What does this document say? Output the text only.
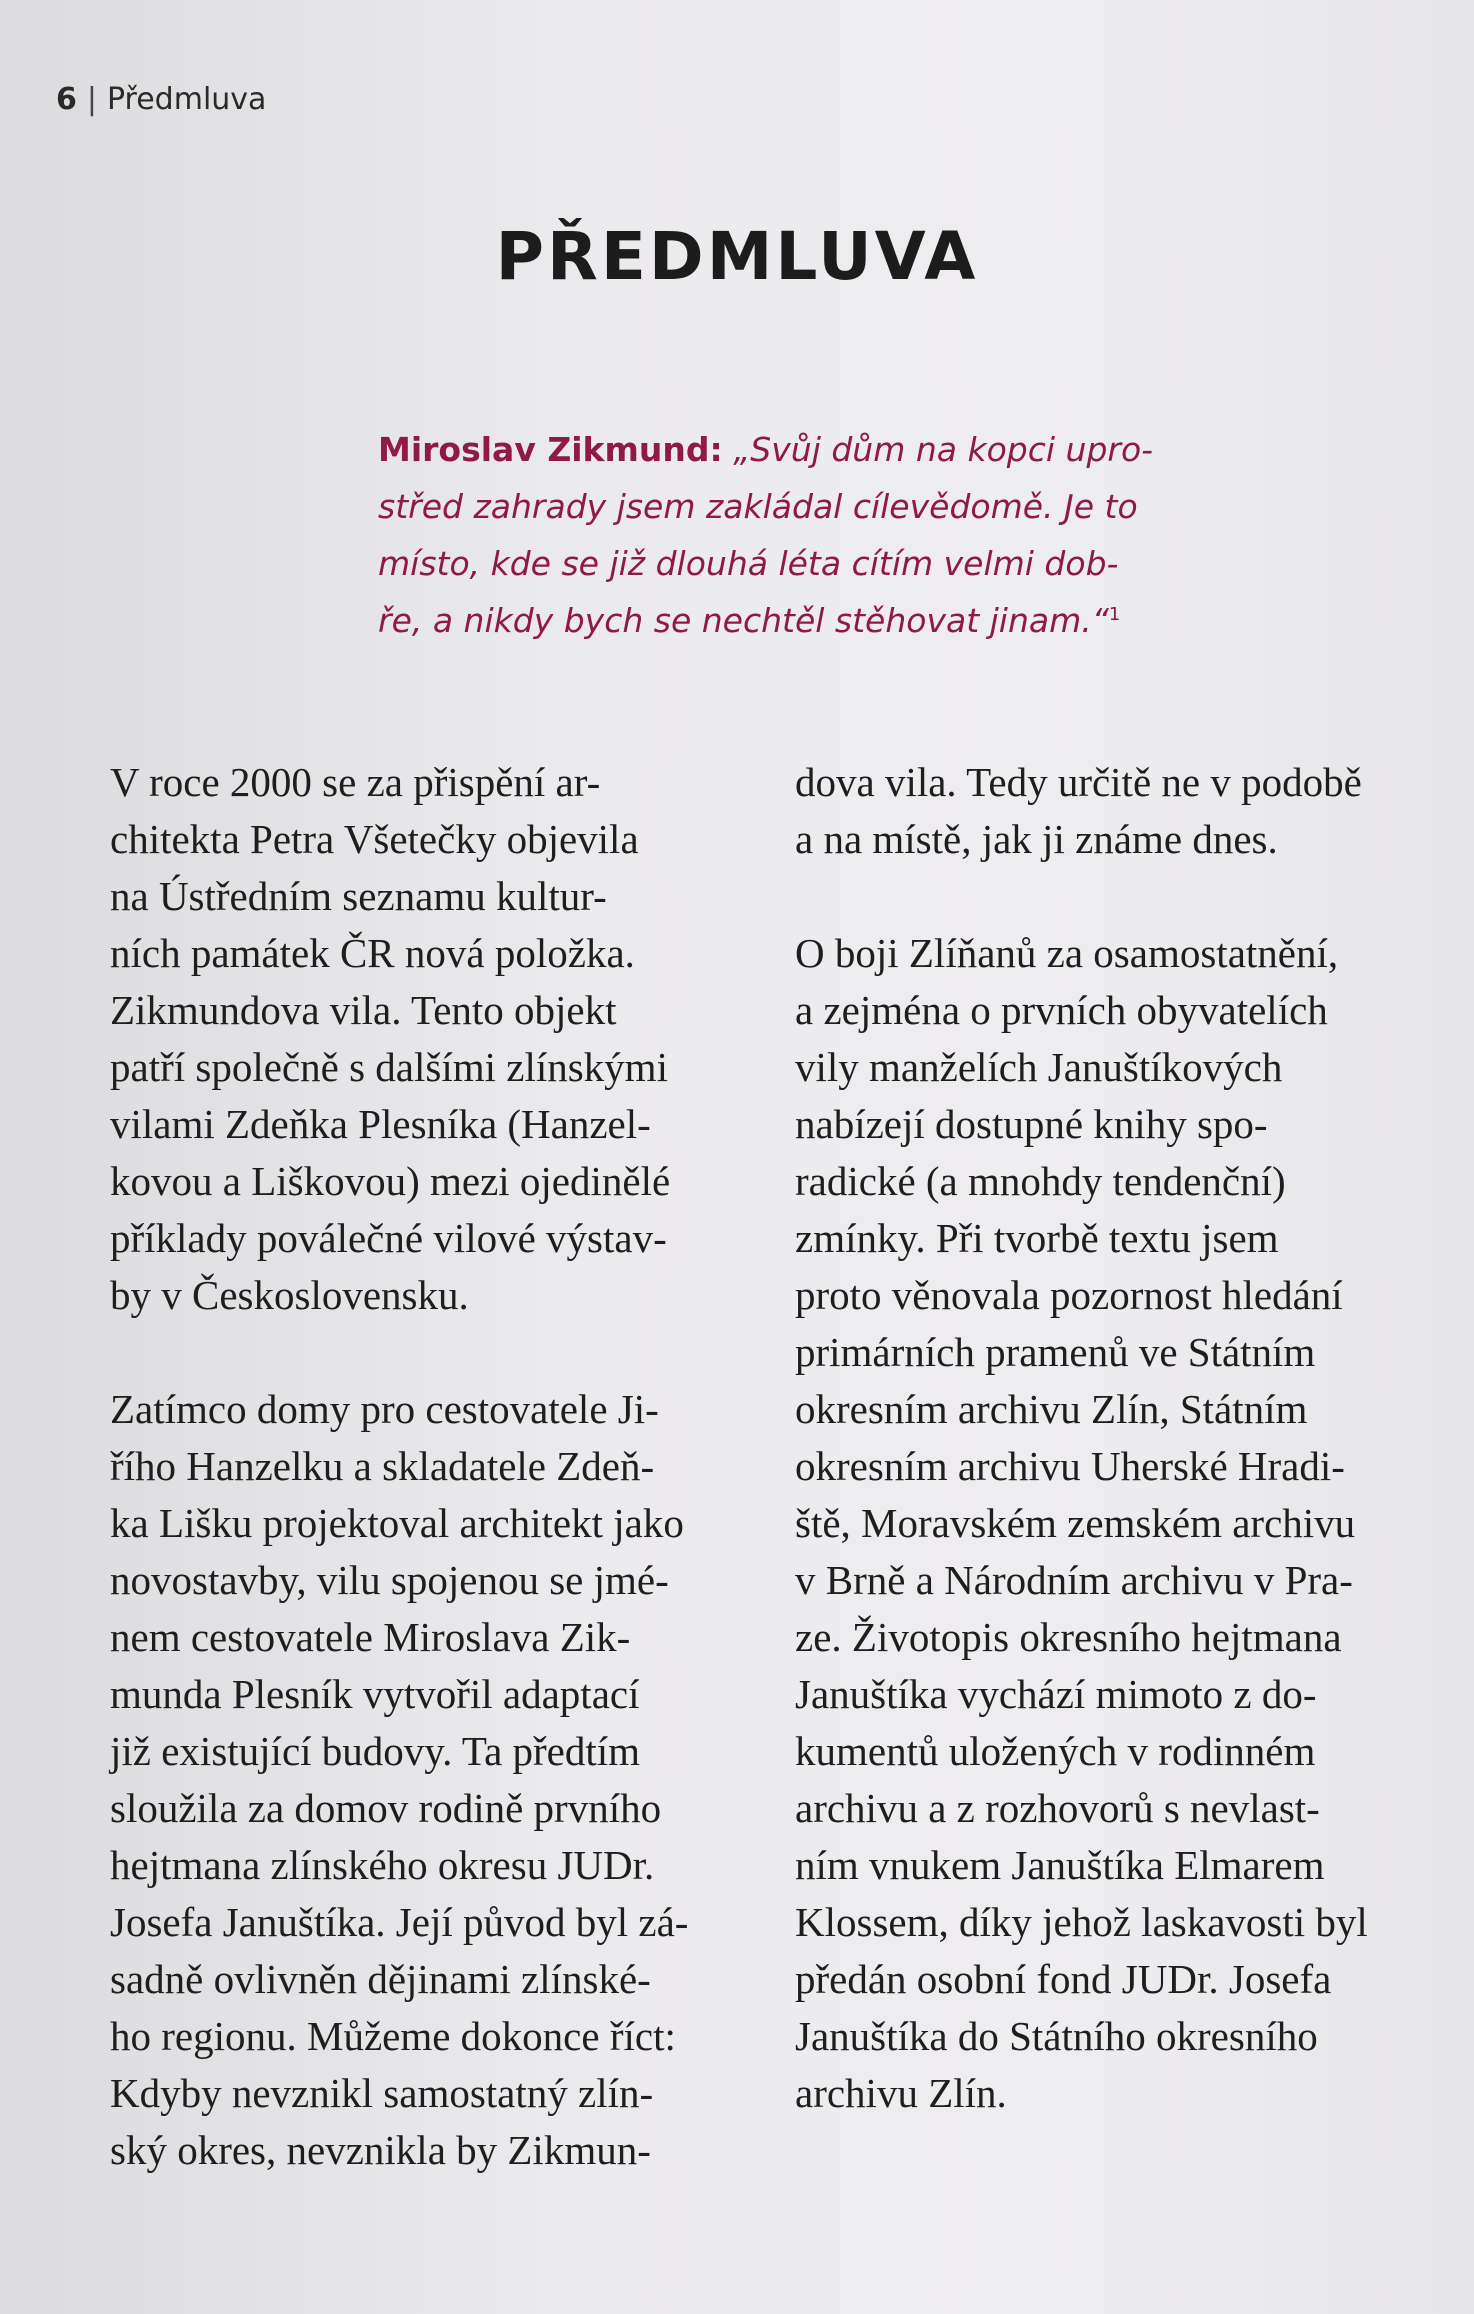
6 | Předmluva
PŘEDMLUVA
Miroslav Zikmund: „Svůj dům na kopci upro-
střed zahrady jsem zakládal cílevědomě. Je to
místo, kde se již dlouhá léta cítím velmi dob-
ře, a nikdy bych se nechtěl stěhovat jinam.“$^1$
V roce 2000 se za přispění ar-
chitekta Petra Všetečky objevila
na Ústředním seznamu kultur-
ních památek ČR nová položka.
Zikmundova vila. Tento objekt
patří společně s dalšími zlínskými
vilami Zdeňka Plesníka (Hanzel-
kovou a Liškovou) mezi ojedinělé
příklady poválečné vilové výstav-
by v Československu.
Zatímco domy pro cestovatele Ji-
řího Hanzelku a skladatele Zdeň-
ka Lišku projektoval architekt jako
novostavby, vilu spojenou se jmé-
nem cestovatele Miroslava Zik-
munda Plesník vytvořil adaptací
již existující budovy. Ta předtím
sloužila za domov rodině prvního
hejtmana zlínského okresu JUDr.
Josefa Januštíka. Její původ byl zá-
sadně ovlivněn dějinami zlínské-
ho regionu. Můžeme dokonce říct:
Kdyby nevznikl samostatný zlín-
ský okres, nevznikla by Zikmun-
dova vila. Tedy určitě ne v podobě
a na místě, jak ji známe dnes.
O boji Zlíňanů za osamostatnění,
a zejména o prvních obyvatelích
vily manželích Januštíkových
nabízejí dostupné knihy spo-
radické (a mnohdy tendenční)
zmínky. Při tvorbě textu jsem
proto věnovala pozornost hledání
primárních pramenů ve Státním
okresním archivu Zlín, Státním
okresním archivu Uherské Hradi-
ště, Moravském zemském archivu
v Brně a Národním archivu v Pra-
ze. Životopis okresního hejtmana
Januštíka vychází mimoto z do-
kumentů uložených v rodinném
archivu a z rozhovorů s nevlast-
ním vnukem Januštíka Elmarem
Klossem, díky jehož laskavosti byl
předán osobní fond JUDr. Josefa
Januštíka do Státního okresního
archivu Zlín.
